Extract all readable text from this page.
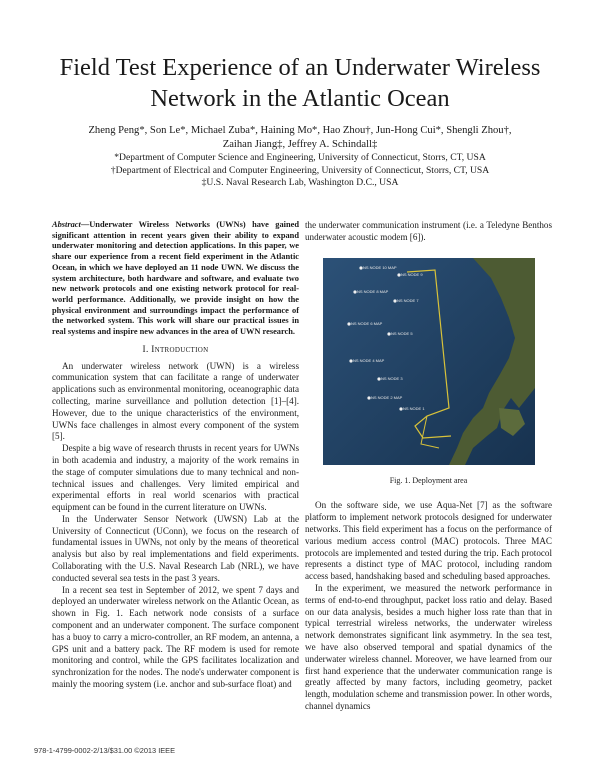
Field Test Experience of an Underwater Wireless
Network in the Atlantic Ocean
Zheng Peng*, Son Le*, Michael Zuba*, Haining Mo*, Hao Zhou†, Jun-Hong Cui*, Shengli Zhou†,
Zaihan Jiang‡, Jeffrey A. Schindall‡
*Department of Computer Science and Engineering, University of Connecticut, Storrs, CT, USA
†Department of Electrical and Computer Engineering, University of Connecticut, Storrs, CT, USA
‡U.S. Naval Research Lab, Washington D.C., USA
Abstract—Underwater Wireless Networks (UWNs) have gained significant attention in recent years given their ability to expand underwater monitoring and detection applications. In this paper, we share our experience from a recent field experiment in the Atlantic Ocean, in which we have deployed an 11 node UWN. We discuss the system architecture, both hardware and software, and evaluate two new network protocols and one existing network protocol for real-world performance. Additionally, we provide insight on how the physical environment and surroundings impact the performance of the networked system. This work will share our practical issues in real systems and inspire new advances in the area of UWN research.
I. Introduction

An underwater wireless network (UWN) is a wireless communication system that can facilitate a range of underwater applications such as environmental monitoring, oceanographic data collecting, marine surveillance and pollution detection [1]–[4]. However, due to the unique characteristics of the environment, UWNs face challenges in almost every component of the system [5].

Despite a big wave of research thrusts in recent years for UWNs in both academia and industry, a majority of the work remains in the stage of computer simulations due to many technical and non-technical issues and challenges. Very limited empirical and experimental efforts in real world scenarios with practical equipment can be found in the current literature on UWNs.

In the Underwater Sensor Network (UWSN) Lab at the University of Connecticut (UConn), we focus on the research of fundamental issues in UWNs, not only by the means of theoretical analysis but also by real implementations and field experiments. Collaborating with the U.S. Naval Research Lab (NRL), we have conducted several sea tests in the past 3 years.

In a recent sea test in September of 2012, we spent 7 days and deployed an underwater wireless network on the Atlantic Ocean, as shown in Fig. 1. Each network node consists of a surface component and an underwater component. The surface component has a buoy to carry a micro-controller, an RF modem, an antenna, a GPS unit and a battery pack. The RF modem is used for remote monitoring and control, while the GPS facilitates localization and synchronization for the nodes. The node's underwater component is mainly the mooring system (i.e. anchor and sub-surface float) and

the underwater communication instrument (i.e. a Teledyne Benthos underwater acoustic modem [6]).

NS NODE 10 MAP
NS NODE 9
NS NODE 8 MAP
NS NODE 7
NS NODE 6 MAP
NS NODE 5
NS NODE 4 MAP
NS NODE 3
NS NODE 2 MAP
NS NODE 1
Fig. 1. Deployment area

On the software side, we use Aqua-Net [7] as the software platform to implement network protocols designed for underwater networks. This field experiment has a focus on the performance of various medium access control (MAC) protocols. Three MAC protocols are implemented and tested during the trip. Each protocol represents a distinct type of MAC protocol, including random access based, handshaking based and scheduling based approaches.

In the experiment, we measured the network performance in terms of end-to-end throughput, packet loss ratio and delay. Based on our data analysis, besides a much higher loss rate than that in typical terrestrial wireless networks, the underwater wireless network demonstrates significant link asymmetry. In the sea test, we have also observed temporal and spatial dynamics of the underwater wireless channel. Moreover, we have learned from our first hand experience that the underwater communication range is greatly affected by many factors, including geometry, packet length, modulation scheme and transmission power. In other words, channel dynamics

978-1-4799-0002-2/13/$31.00 ©2013 IEEE
